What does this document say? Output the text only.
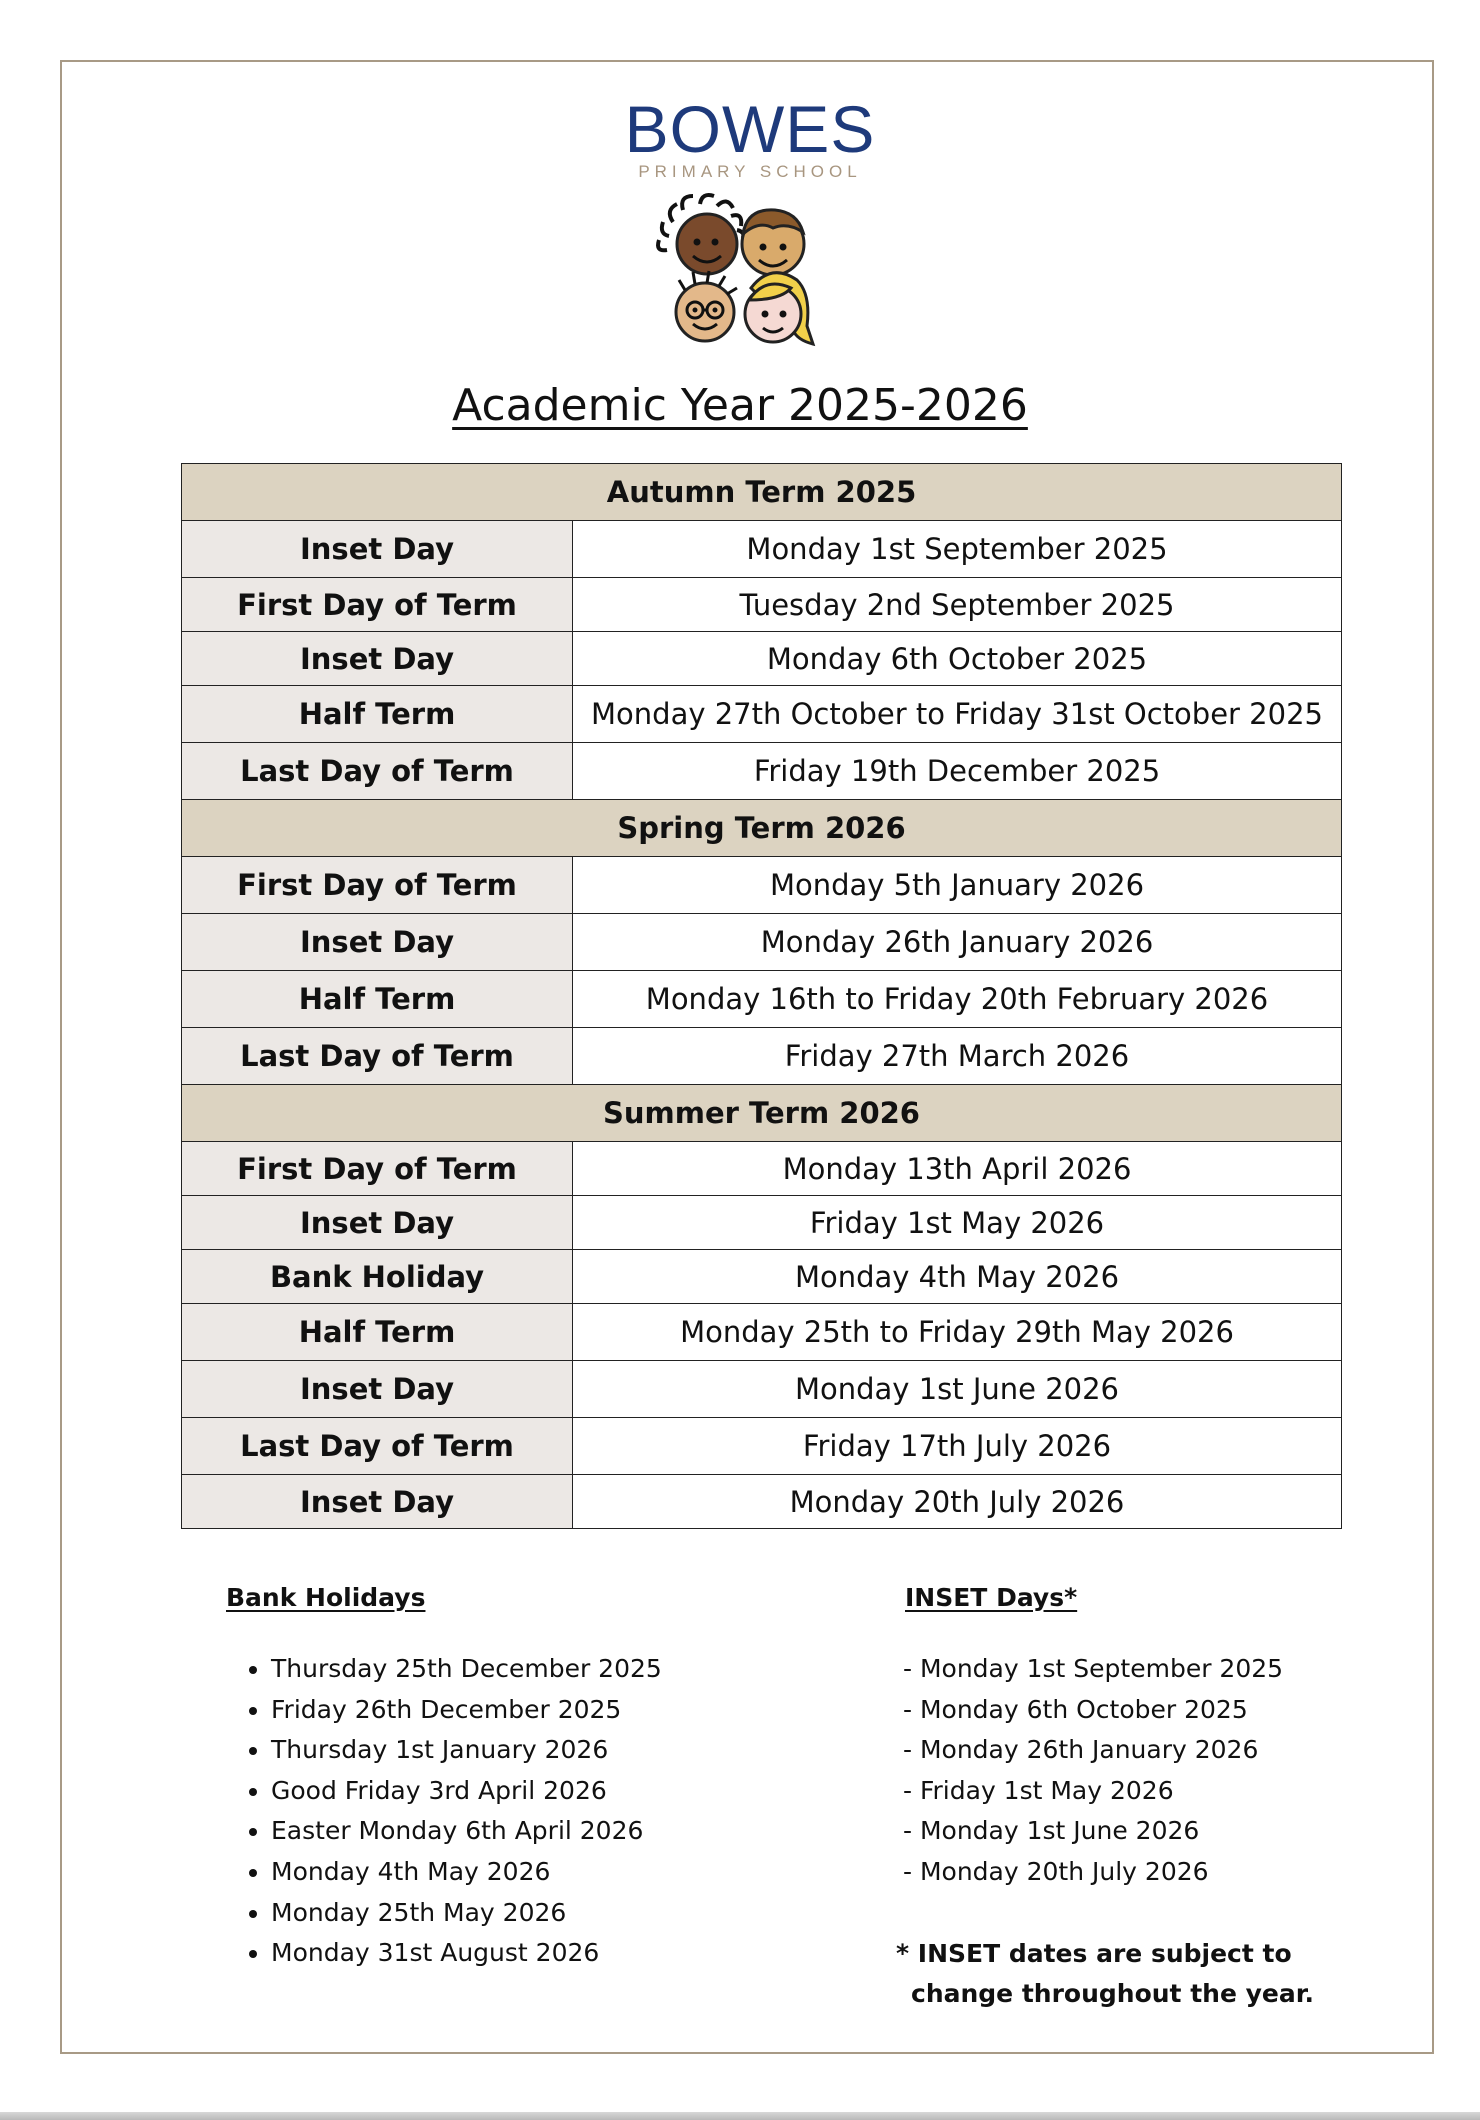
BOWES
PRIMARY SCHOOL
Academic Year 2025-2026
Autumn Term 2025	
Inset Day	Monday 1st September 2025
First Day of Term	Tuesday 2nd September 2025
Inset Day	Monday 6th October 2025
Half Term	Monday 27th October to Friday 31st October 2025
Last Day of Term	Friday 19th December 2025
Spring Term 2026	
First Day of Term	Monday 5th January 2026
Inset Day	Monday 26th January 2026
Half Term	Monday 16th to Friday 20th February 2026
Last Day of Term	Friday 27th March 2026
Summer Term 2026	
First Day of Term	Monday 13th April 2026
Inset Day	Friday 1st May 2026
Bank Holiday	Monday 4th May 2026
Half Term	Monday 25th to Friday 29th May 2026
Inset Day	Monday 1st June 2026
Last Day of Term	Friday 17th July 2026
Inset Day	Monday 20th July 2026
Bank Holidays
• Thursday 25th December 2025
• Friday 26th December 2025
• Thursday 1st January 2026
• Good Friday 3rd April 2026
• Easter Monday 6th April 2026
• Monday 4th May 2026
• Monday 25th May 2026
• Monday 31st August 2026
INSET Days*
- Monday 1st September 2025
- Monday 6th October 2025
- Monday 26th January 2026
- Friday 1st May 2026
- Monday 1st June 2026
- Monday 20th July 2026
* INSET dates are subject to
change throughout the year.
